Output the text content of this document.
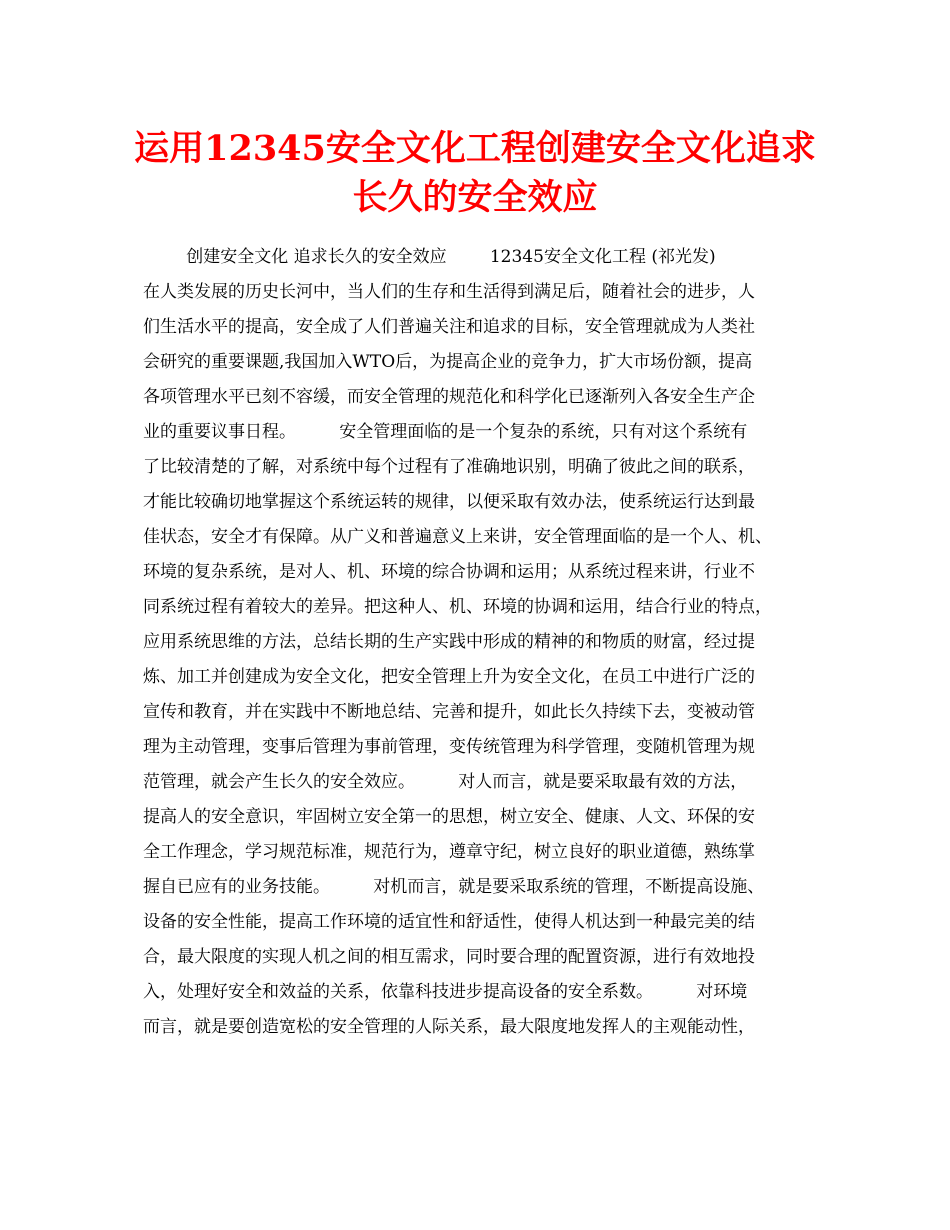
运用12345安全文化工程创建安全文化追求
长久的安全效应
创建安全文化 追求长久的安全效应        12345安全文化工程 (祁光发)
在人类发展的历史长河中，当人们的生存和生活得到满足后，随着社会的进步，人
们生活水平的提高，安全成了人们普遍关注和追求的目标，安全管理就成为人类社
会研究的重要课题,我国加入WTO后，为提高企业的竞争力，扩大市场份额，提高
各项管理水平已刻不容缓，而安全管理的规范化和科学化已逐渐列入各安全生产企
业的重要议事日程。        安全管理面临的是一个复杂的系统，只有对这个系统有
了比较清楚的了解，对系统中每个过程有了准确地识别，明确了彼此之间的联系，
才能比较确切地掌握这个系统运转的规律，以便采取有效办法，使系统运行达到最
佳状态，安全才有保障。从广义和普遍意义上来讲，安全管理面临的是一个人、机、
环境的复杂系统，是对人、机、环境的综合协调和运用；从系统过程来讲，行业不
同系统过程有着较大的差异。把这种人、机、环境的协调和运用，结合行业的特点，
应用系统思维的方法，总结长期的生产实践中形成的精神的和物质的财富，经过提
炼、加工并创建成为安全文化，把安全管理上升为安全文化，在员工中进行广泛的
宣传和教育，并在实践中不断地总结、完善和提升，如此长久持续下去，变被动管
理为主动管理，变事后管理为事前管理，变传统管理为科学管理，变随机管理为规
范管理，就会产生长久的安全效应。        对人而言，就是要采取最有效的方法，
提高人的安全意识，牢固树立安全第一的思想，树立安全、健康、人文、环保的安
全工作理念，学习规范标准，规范行为，遵章守纪，树立良好的职业道德，熟练掌
握自已应有的业务技能。        对机而言，就是要采取系统的管理，不断提高设施、
设备的安全性能，提高工作环境的适宜性和舒适性，使得人机达到一种最完美的结
合，最大限度的实现人机之间的相互需求，同时要合理的配置资源，进行有效地投
入，处理好安全和效益的关系，依靠科技进步提高设备的安全系数。        对环境
而言，就是要创造宽松的安全管理的人际关系，最大限度地发挥人的主观能动性，
